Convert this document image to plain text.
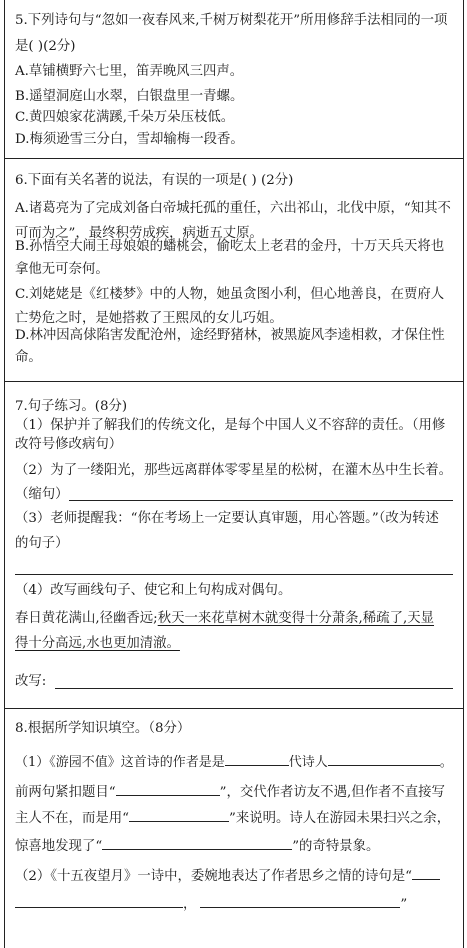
5.下列诗句与“忽如一夜春风来,千树万树梨花开”所用修辞手法相同的一项
是( )(2分)
A.草铺横野六七里，笛弄晚风三四声。
B.遥望洞庭山水翠，白银盘里一青螺。
C.黄四娘家花满蹊,千朵万朵压枝低。
D.梅须逊雪三分白，雪却输梅一段香。
6.下面有关名著的说法，有误的一项是( ) (2分)
A.诸葛亮为了完成刘备白帝城托孤的重任，六出祁山，北伐中原，“知其不
可而为之”，最终积劳成疾，病逝五丈原。
B.孙悟空大闹王母娘娘的蟠桃会，偷吃太上老君的金丹，十万天兵天将也
拿他无可奈何。
C.刘姥姥是《红楼梦》中的人物，她虽贪图小利，但心地善良，在贾府人
亡势危之时，是她搭救了王熙凤的女儿巧姐。
D.林冲因高俅陷害发配沧州，途经野猪林，被黑旋风李逵相救，才保住性
命。
7.句子练习。(8分)
（1）保护并了解我们的传统文化，是每个中国人义不容辞的责任。（用修
改符号修改病句）
（2）为了一缕阳光，那些远离群体零零星星的松树，在灌木丛中生长着。
（缩句）
（3）老师提醒我：“你在考场上一定要认真审题，用心答题。”（改为转述
的句子）
（4）改写画线句子、使它和上句构成对偶句。
春日黄花满山,径幽香远;秋天一来花草树木就变得十分萧条,稀疏了,天显
得十分高远,水也更加清澈。
改写:
8.根据所学知识填空。（8分）
（1）《游园不值》这首诗的作者是是	代诗人	。
前两句紧扣题目“	”，交代作者访友不遇,但作者不直接写
主人不在，而是用“	”来说明。诗人在游园未果扫兴之余，
惊喜地发现了“	”的奇特景象。
（2）《十五夜望月》一诗中，委婉地表达了作者思乡之情的诗句是“
，	”
